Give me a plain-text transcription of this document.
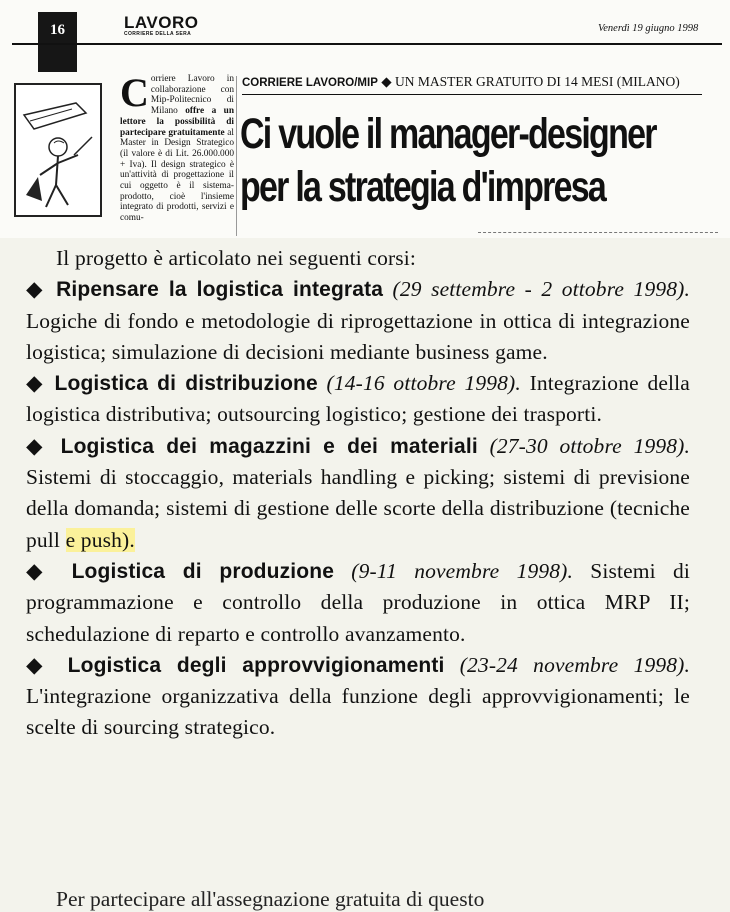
16	LAVORO
CORRIERE DELLA SERA	Venerdì 19 giugno 1998
Corriere Lavoro in collaborazione con Mip-Politecnico di Milano offre a un lettore la possibilità di partecipare gratuitamente al Master in Design Strategico (il valore è di Lit. 26.000.000 + Iva). Il design strategico è un'attività di progettazione il cui oggetto è il sistema-prodotto, cioè l'insieme integrato di prodotti, servizi e comu-
CORRIERE LAVORO/MIP ◆ UN MASTER GRATUITO DI 14 MESI (MILANO)
Ci vuole il manager-designer
per la strategia d'impresa

Il progetto è articolato nei seguenti corsi:

◆ Ripensare la logistica integrata (29 settembre - 2 ottobre 1998). Logiche di fondo e metodologie di riprogettazione in ottica di integrazione logistica; simulazione di decisioni mediante business game.

◆ Logistica di distribuzione (14-16 ottobre 1998). Integrazione della logistica distributiva; outsourcing logistico; gestione dei trasporti.

◆ Logistica dei magazzini e dei materiali (27-30 ottobre 1998). Sistemi di stoccaggio, materials handling e picking; sistemi di previsione della domanda; sistemi di gestione delle scorte della distribuzione (tecniche pull e push).

◆ Logistica di produzione (9-11 novembre 1998). Sistemi di programmazione e controllo della produzione in ottica MRP II; schedulazione di reparto e controllo avanzamento.

◆ Logistica degli approvvigionamenti (23-24 novembre 1998). L'integrazione organizzativa della funzione degli approvvigionamenti; le scelte di sourcing strategico.

Per partecipare all'assegnazione gratuita di questo
